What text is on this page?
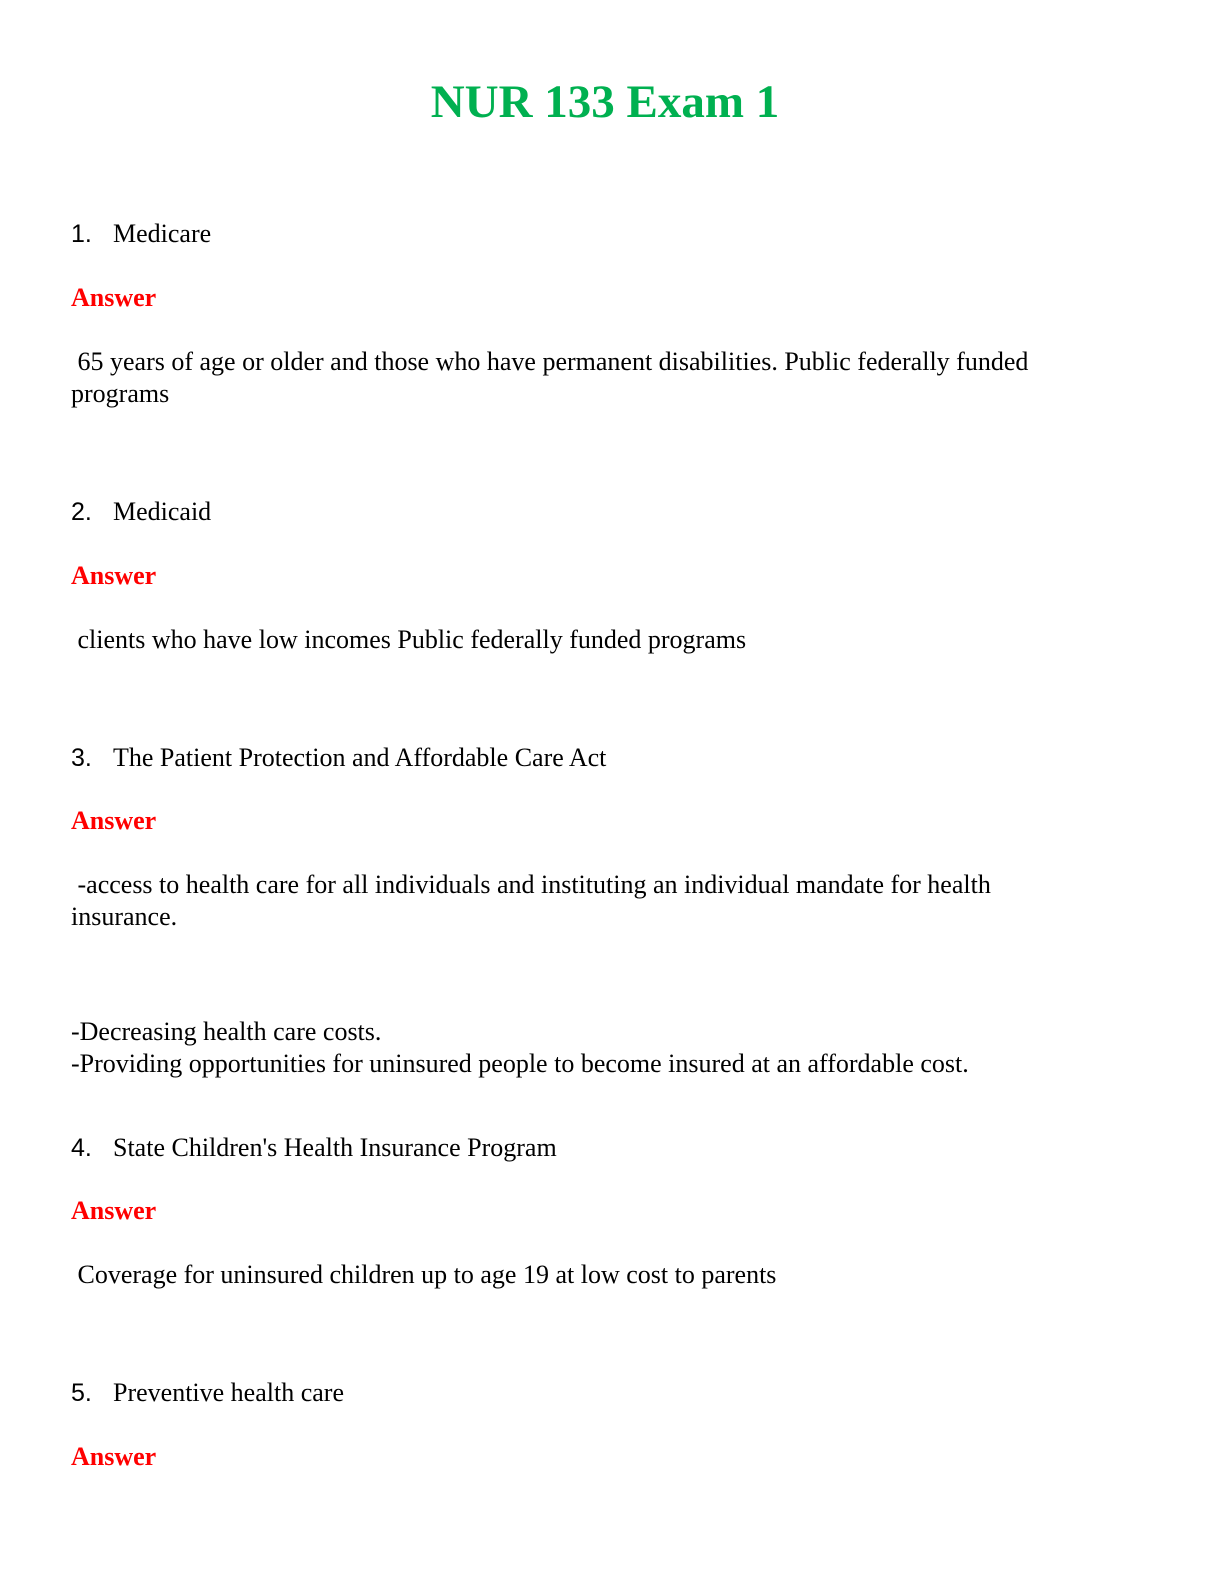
NUR 133 Exam 1
1. Medicare
Answer
65 years of age or older and those who have permanent disabilities. Public federally funded
programs
2. Medicaid
Answer
clients who have low incomes Public federally funded programs
3. The Patient Protection and Affordable Care Act
Answer
-access to health care for all individuals and instituting an individual mandate for health
insurance.
-Decreasing health care costs.
-Providing opportunities for uninsured people to become insured at an affordable cost.
4. State Children's Health Insurance Program
Answer
Coverage for uninsured children up to age 19 at low cost to parents
5. Preventive health care
Answer
